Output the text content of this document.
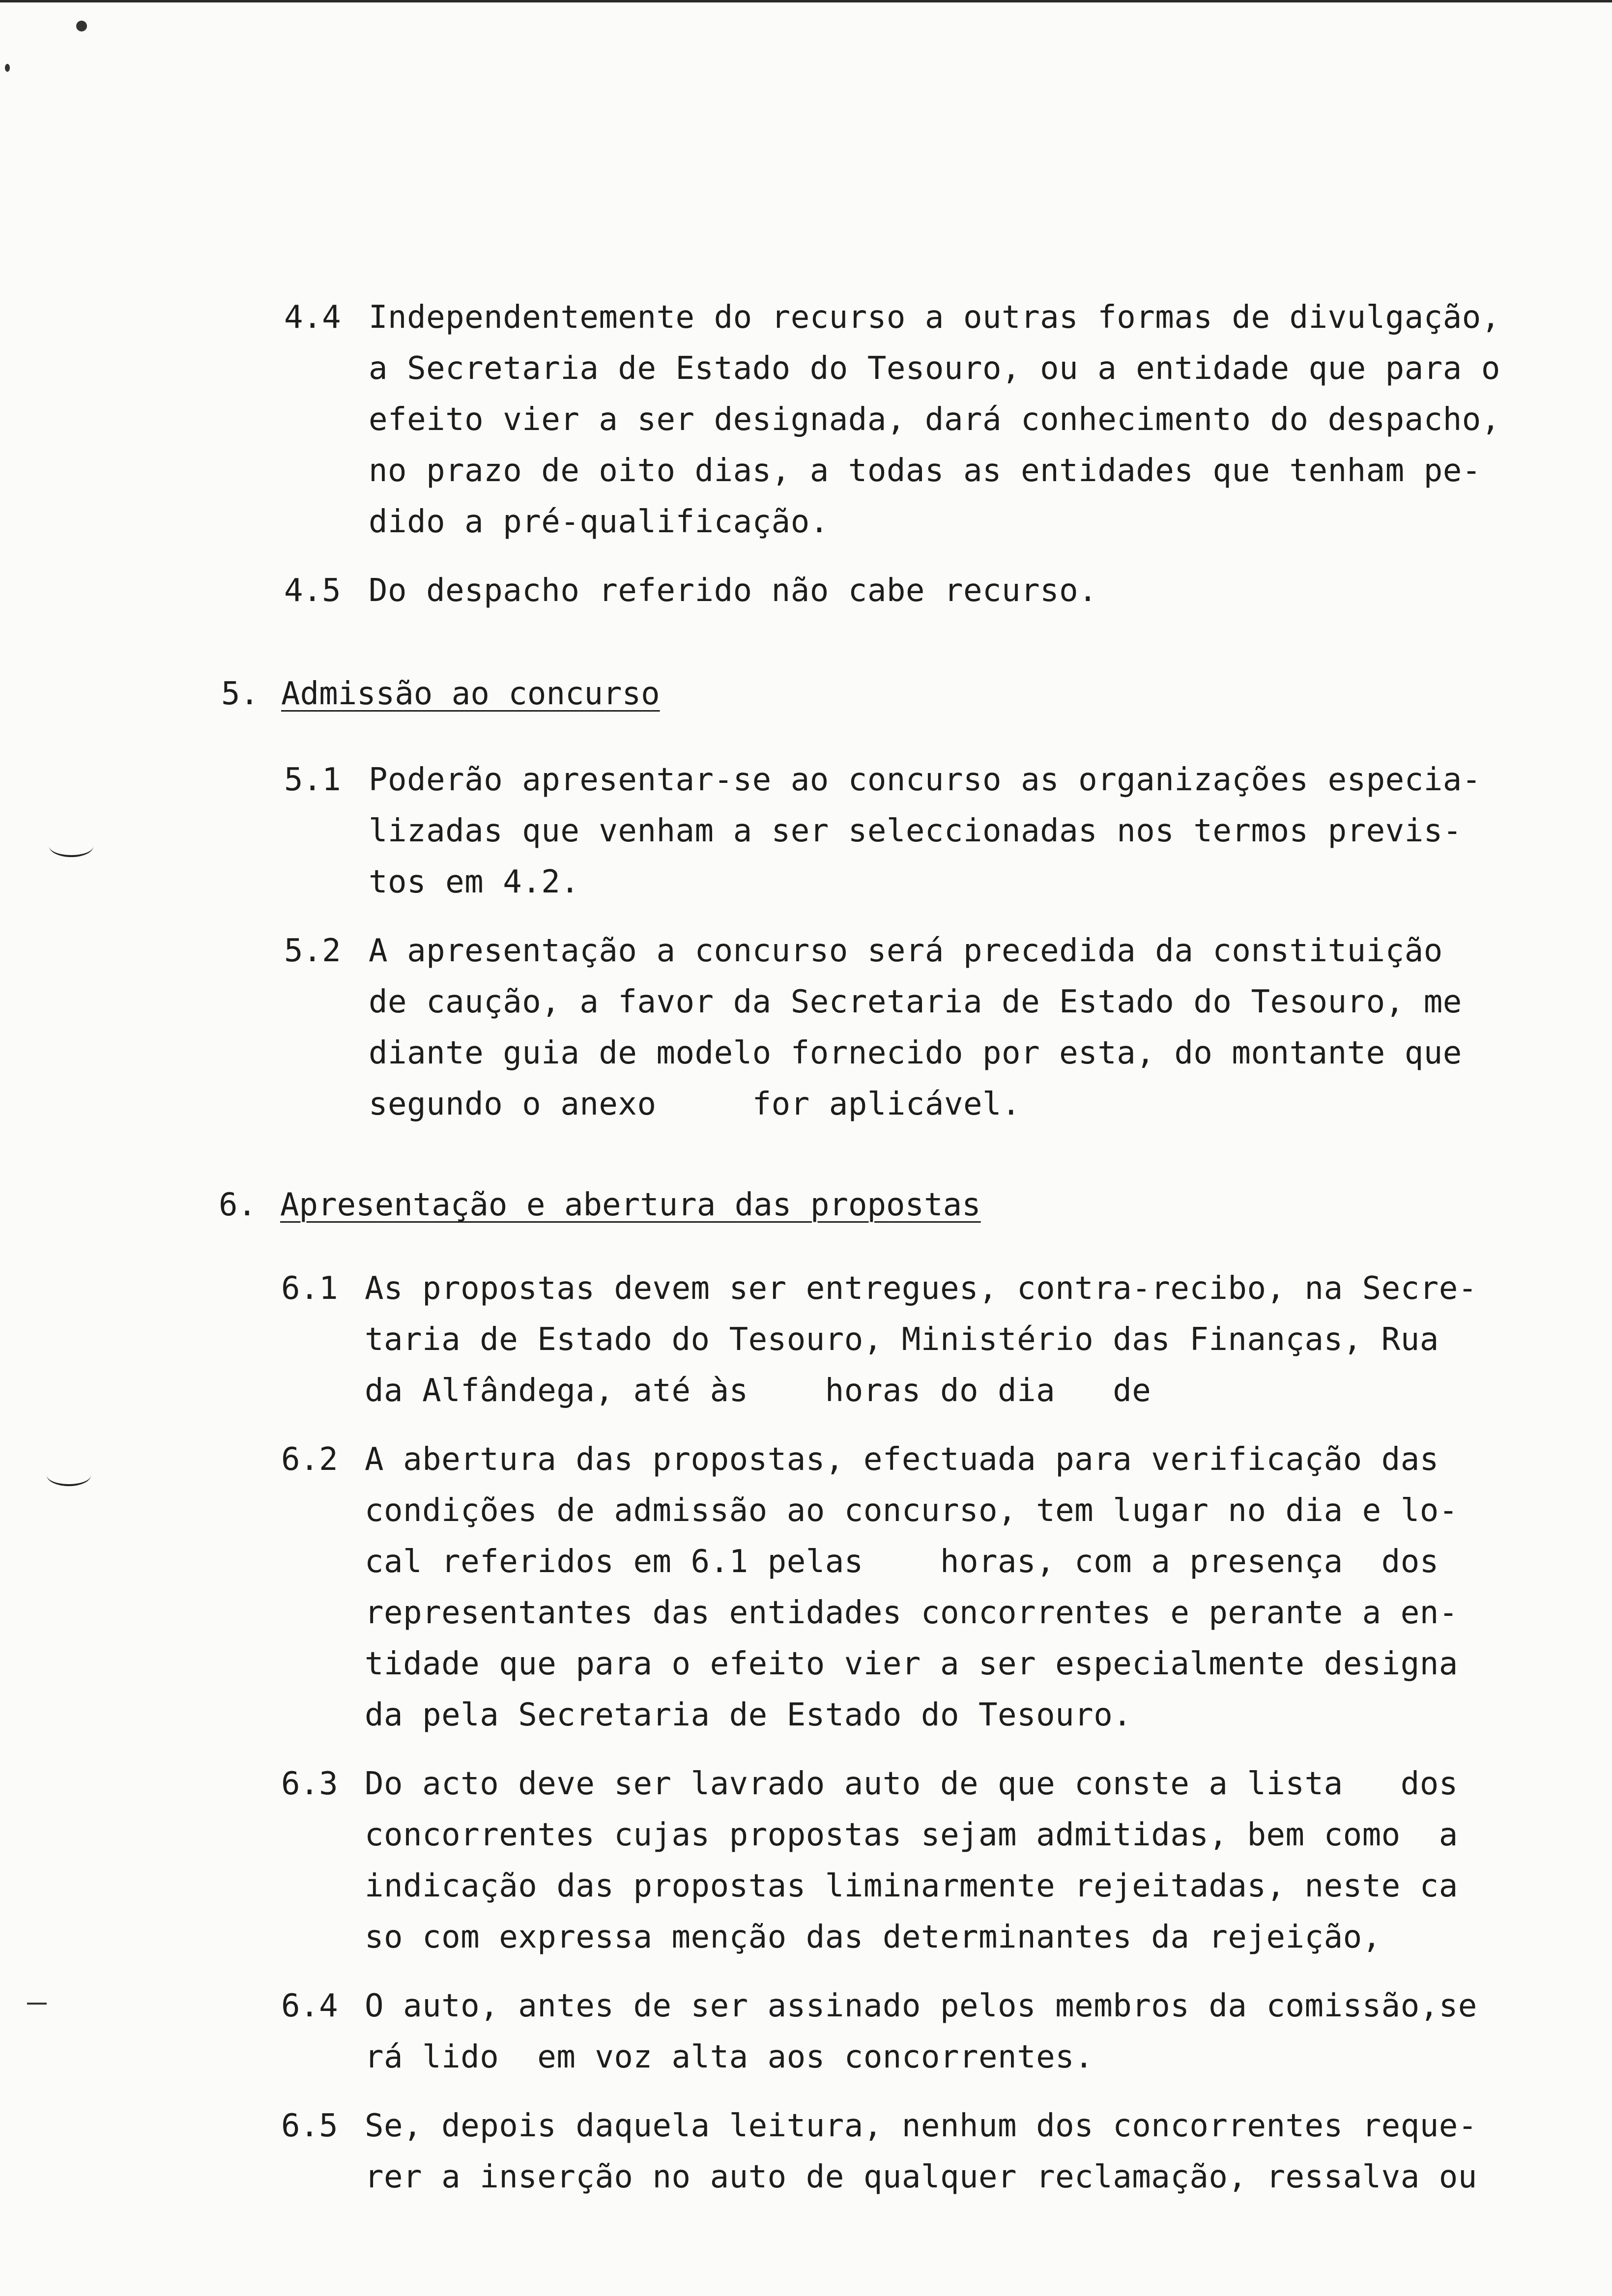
4.4 Independentemente do recurso a outras formas de divulgação,
a Secretaria de Estado do Tesouro, ou a entidade que para o
efeito vier a ser designada, dará conhecimento do despacho,
no prazo de oito dias, a todas as entidades que tenham pe-
dido a pré-qualificação.
4.5 Do despacho referido não cabe recurso.
5. Admissão ao concurso
5.1 Poderão apresentar-se ao concurso as organizações especia-
lizadas que venham a ser seleccionadas nos termos previs-
tos em 4.2.
5.2 A apresentação a concurso será precedida da constituição
de caução, a favor da Secretaria de Estado do Tesouro, me
diante guia de modelo fornecido por esta, do montante que
segundo o anexo     for aplicável.
6. Apresentação e abertura das propostas
6.1 As propostas devem ser entregues, contra-recibo, na Secre-
taria de Estado do Tesouro, Ministério das Finanças, Rua
da Alfândega, até às    horas do dia   de
6.2 A abertura das propostas, efectuada para verificação das
condições de admissão ao concurso, tem lugar no dia e lo-
cal referidos em 6.1 pelas    horas, com a presença  dos
representantes das entidades concorrentes e perante a en-
tidade que para o efeito vier a ser especialmente designa
da pela Secretaria de Estado do Tesouro.
6.3 Do acto deve ser lavrado auto de que conste a lista   dos
concorrentes cujas propostas sejam admitidas, bem como  a
indicação das propostas liminarmente rejeitadas, neste ca
so com expressa menção das determinantes da rejeição,
6.4 O auto, antes de ser assinado pelos membros da comissão,se
rá lido  em voz alta aos concorrentes.
6.5 Se, depois daquela leitura, nenhum dos concorrentes reque-
rer a inserção no auto de qualquer reclamação, ressalva ou
